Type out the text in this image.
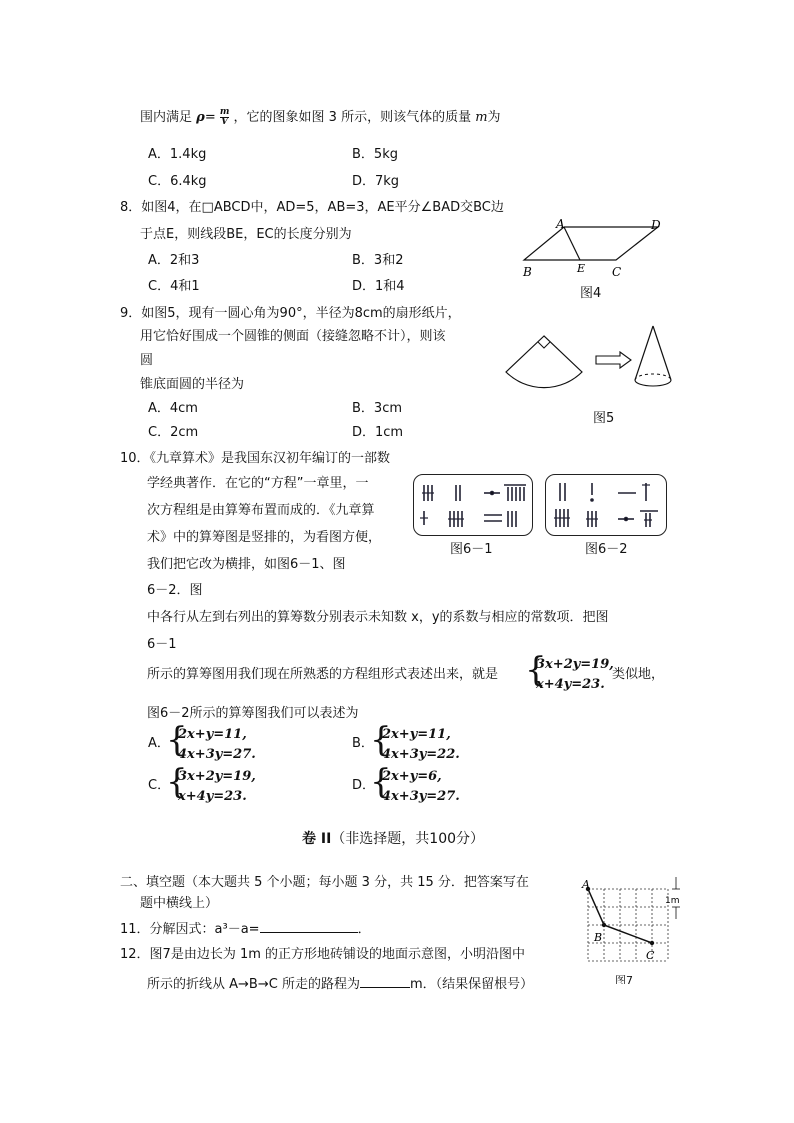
围内满足 $\rho= \frac{m}{V}$ ，它的图象如图 3 所示，则该气体的质量 m为
A．1.4kg	B．5kg
C．6.4kg	D．7kg
8．如图4，在□ABCD中，AD=5，AB=3，AE平分∠BAD交BC边
于点E，则线段BE，EC的长度分别为
A．2和3	B．3和2
C．4和1	D．1和4
A	D
B	E C
图4
9．如图5，现有一圆心角为90°，半径为8cm的扇形纸片，
用它恰好围成一个圆锥的侧面（接缝忽略不计），则该
圆
锥底面圆的半径为
A．4cm	B．3cm
C．2cm	D．1cm
图5
10．《九章算术》是我国东汉初年编订的一部数
学经典著作．在它的“方程”一章里，一
次方程组是由算筹布置而成的．《九章算
术》中的算筹图是竖排的，为看图方便，
我们把它改为横排，如图6－1、图
6－2．图
图6－1	图6－2
中各行从左到右列出的算筹数分别表示未知数 x，y的系数与相应的常数项．把图
6－1
所示的算筹图用我们现在所熟悉的方程组形式表述出来，就是 {
3x+2y=19,
x+4y=23.
类似地，
图6－2所示的算筹图我们可以表述为
A．
{
2x+y=11,
4x+3y=27.
B．
{
2x+y=11,
4x+3y=22.
C．
{
3x+2y=19,
x+4y=23.
D．
{
2x+y=6,
4x+3y=27.
卷 II（非选择题，共100分）
二、填空题（本大题共 5 个小题；每小题 3 分，共 15 分．把答案写在
题中横线上）
11．分解因式：a³－a=	．
12．图7是由边长为 1m 的正方形地砖铺设的地面示意图，小明沿图中
所示的折线从 A→B→C 所走的路程为	m．（结果保留根号）
1m
A
B
C
图7
